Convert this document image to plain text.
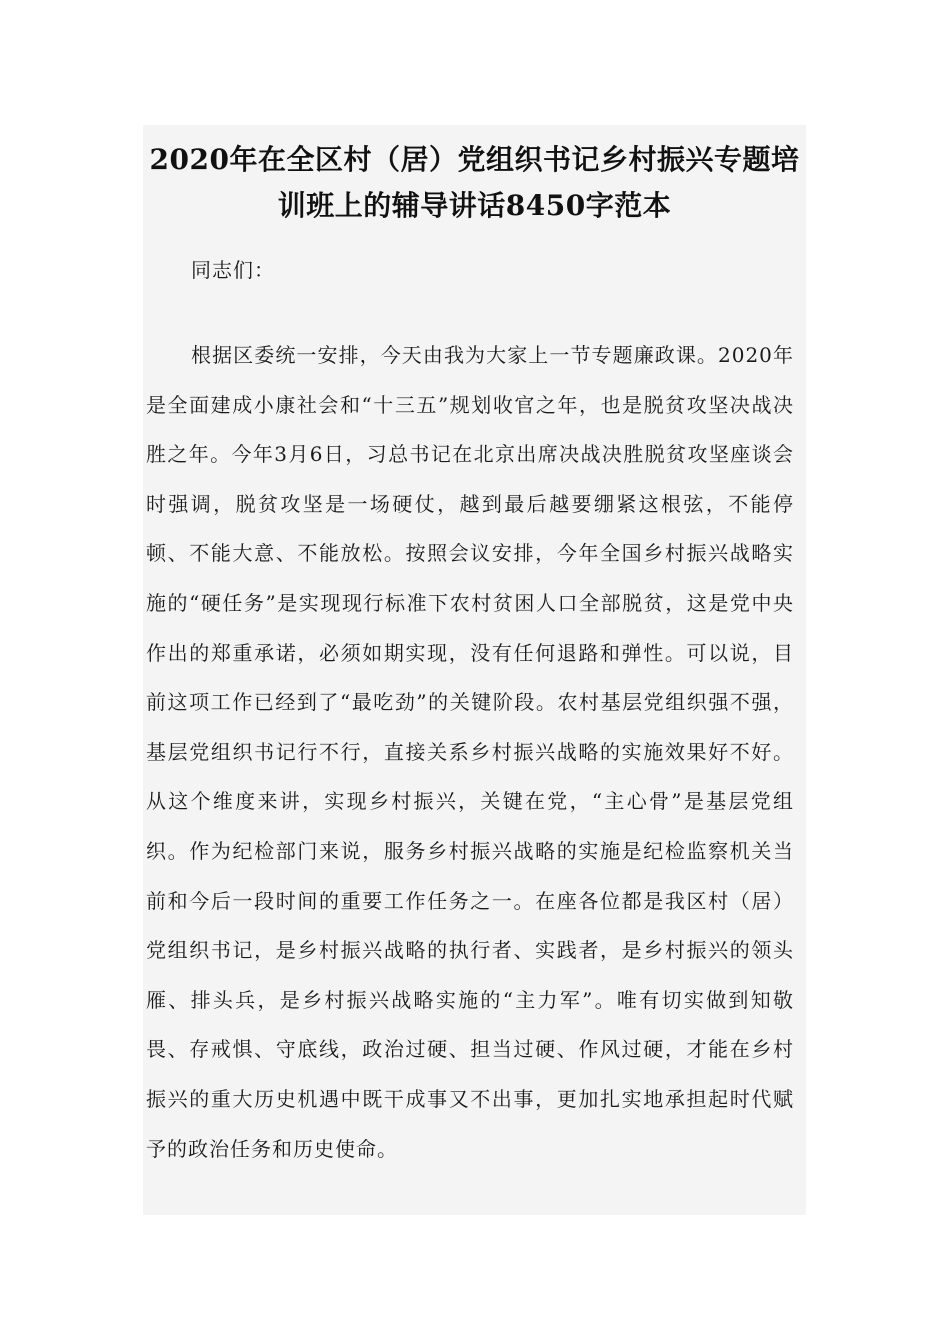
2020年在全区村（居）党组织书记乡村振兴专题培训班上的辅导讲话8450字范本
同志们：

根据区委统一安排，今天由我为大家上一节专题廉政课。2020年是全面建成小康社会和“十三五”规划收官之年，也是脱贫攻坚决战决胜之年。今年3月6日，习总书记在北京出席决战决胜脱贫攻坚座谈会时强调，脱贫攻坚是一场硬仗，越到最后越要绷紧这根弦，不能停顿、不能大意、不能放松。按照会议安排，今年全国乡村振兴战略实施的“硬任务”是实现现行标准下农村贫困人口全部脱贫，这是党中央作出的郑重承诺，必须如期实现，没有任何退路和弹性。可以说，目前这项工作已经到了“最吃劲”的关键阶段。农村基层党组织强不强，基层党组织书记行不行，直接关系乡村振兴战略的实施效果好不好。从这个维度来讲，实现乡村振兴，关键在党，“主心骨”是基层党组织。作为纪检部门来说，服务乡村振兴战略的实施是纪检监察机关当前和今后一段时间的重要工作任务之一。在座各位都是我区村（居）党组织书记，是乡村振兴战略的执行者、实践者，是乡村振兴的领头雁、排头兵，是乡村振兴战略实施的“主力军”。唯有切实做到知敬畏、存戒惧、守底线，政治过硬、担当过硬、作风过硬，才能在乡村振兴的重大历史机遇中既干成事又不出事，更加扎实地承担起时代赋予的政治任务和历史使命。
